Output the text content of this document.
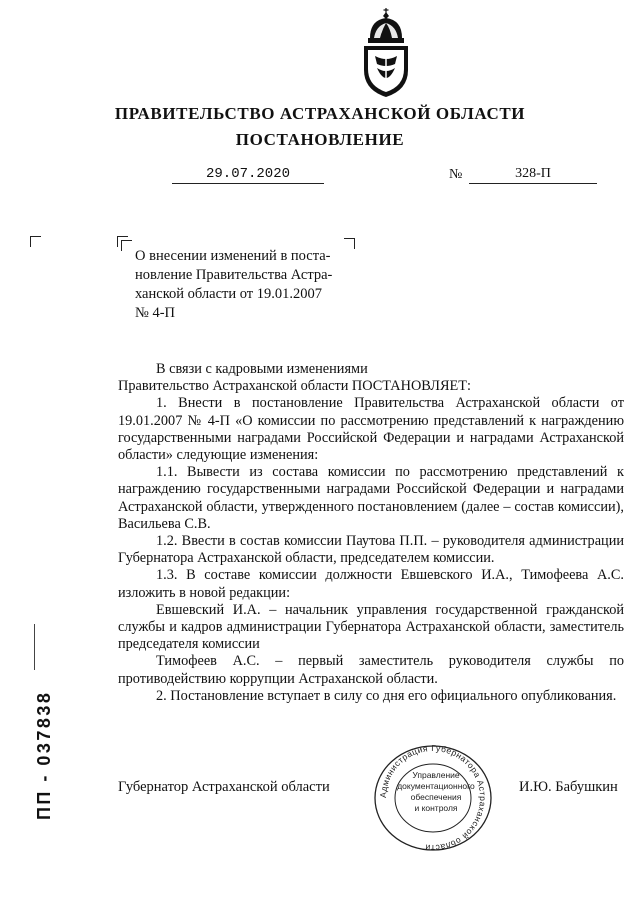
ПРАВИТЕЛЬСТВО АСТРАХАНСКОЙ ОБЛАСТИ
ПОСТАНОВЛЕНИЕ
29.07.2020	№	328-П
О внесении изменений в поста-
новление Правительства Астра-
ханской области от 19.01.2007
№ 4-П

В связи с кадровыми изменениями

Правительство Астраханской области ПОСТАНОВЛЯЕТ:

1. Внести в постановление Правительства Астраханской области от 19.01.2007 № 4-П «О комиссии по рассмотрению представлений к награждению государственными наградами Российской Федерации и наградами Астраханской области» следующие изменения:

1.1. Вывести из состава комиссии по рассмотрению представлений к награждению государственными наградами Российской Федерации и наградами Астраханской области, утвержденного постановлением (далее – состав комиссии), Васильева С.В.

1.2. Ввести в состав комиссии Паутова П.П. – руководителя администрации Губернатора Астраханской области, председателем комиссии.

1.3. В составе комиссии должности Евшевского И.А., Тимофеева А.С. изложить в новой редакции:

Евшевский И.А. – начальник управления государственной гражданской службы и кадров администрации Губернатора Астраханской области, заместитель председателя комиссии

Тимофеев А.С. – первый заместитель руководителя службы по противодействию коррупции Астраханской области.

2. Постановление вступает в силу со дня его официального опубликования.

Губернатор Астраханской области	И.Ю. Бабушкин
Администрация Губернатора Астраханской области
Управление
документационного
обеспечения
и контроля
ПП - 037838
